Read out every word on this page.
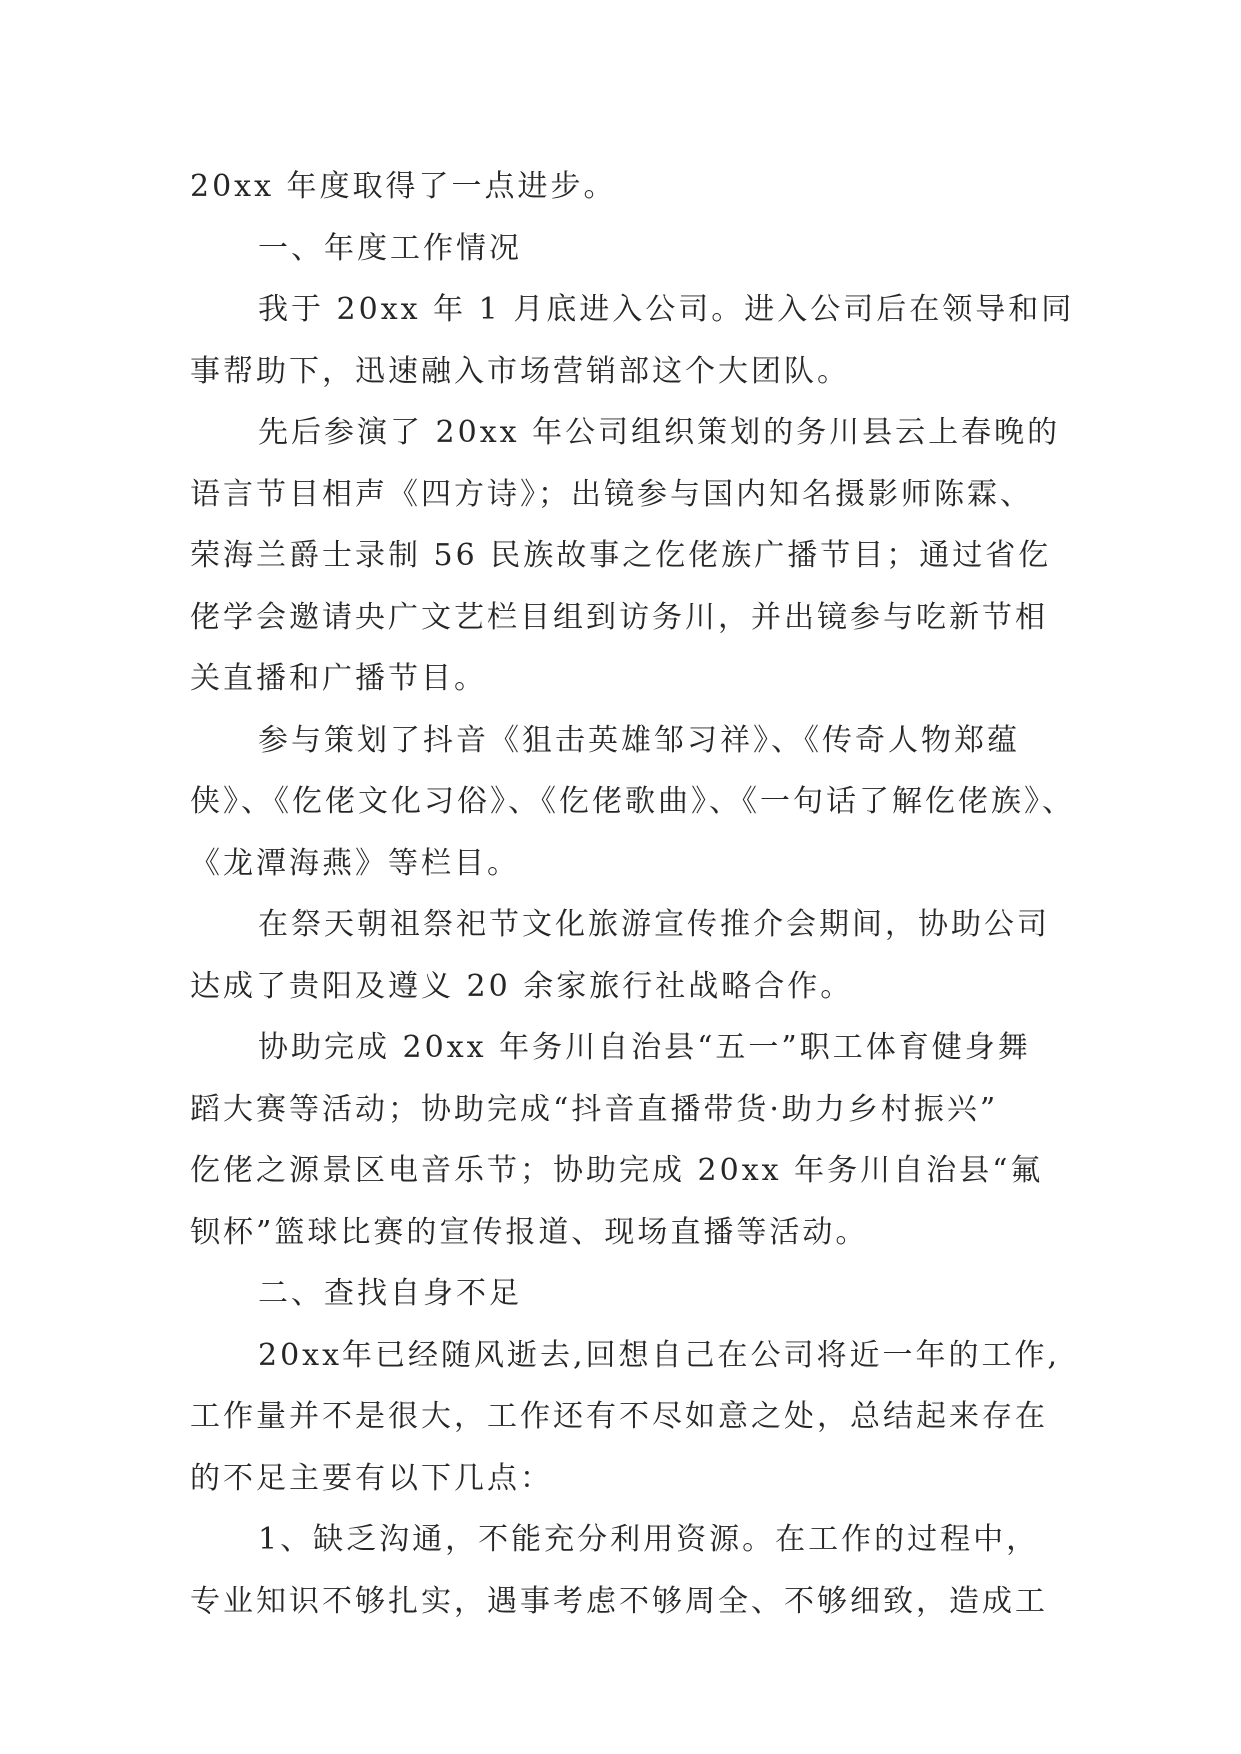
20xx 年度取得了一点进步。

一、年度工作情况

我于 20xx 年 1 月底进入公司。进入公司后在领导和同

事帮助下，迅速融入市场营销部这个大团队。

先后参演了 20xx 年公司组织策划的务川县云上春晚的

语言节目相声《四方诗》；出镜参与国内知名摄影师陈霖、

荣海兰爵士录制 56 民族故事之仡佬族广播节目；通过省仡

佬学会邀请央广文艺栏目组到访务川，并出镜参与吃新节相

关直播和广播节目。

参与策划了抖音《狙击英雄邹习祥》、《传奇人物郑蕴

侠》、《仡佬文化习俗》、《仡佬歌曲》、《一句话了解仡佬族》、

《龙潭海燕》等栏目。

在祭天朝祖祭祀节文化旅游宣传推介会期间，协助公司

达成了贵阳及遵义 20 余家旅行社战略合作。

协助完成 20xx 年务川自治县“五一”职工体育健身舞

蹈大赛等活动；协助完成“抖音直播带货·助力乡村振兴”

仡佬之源景区电音乐节；协助完成 20xx 年务川自治县“氟

钡杯”篮球比赛的宣传报道、现场直播等活动。

二、查找自身不足

20xx年已经随风逝去,回想自己在公司将近一年的工作,

工作量并不是很大，工作还有不尽如意之处，总结起来存在

的不足主要有以下几点：

1、缺乏沟通，不能充分利用资源。在工作的过程中，

专业知识不够扎实，遇事考虑不够周全、不够细致，造成工
